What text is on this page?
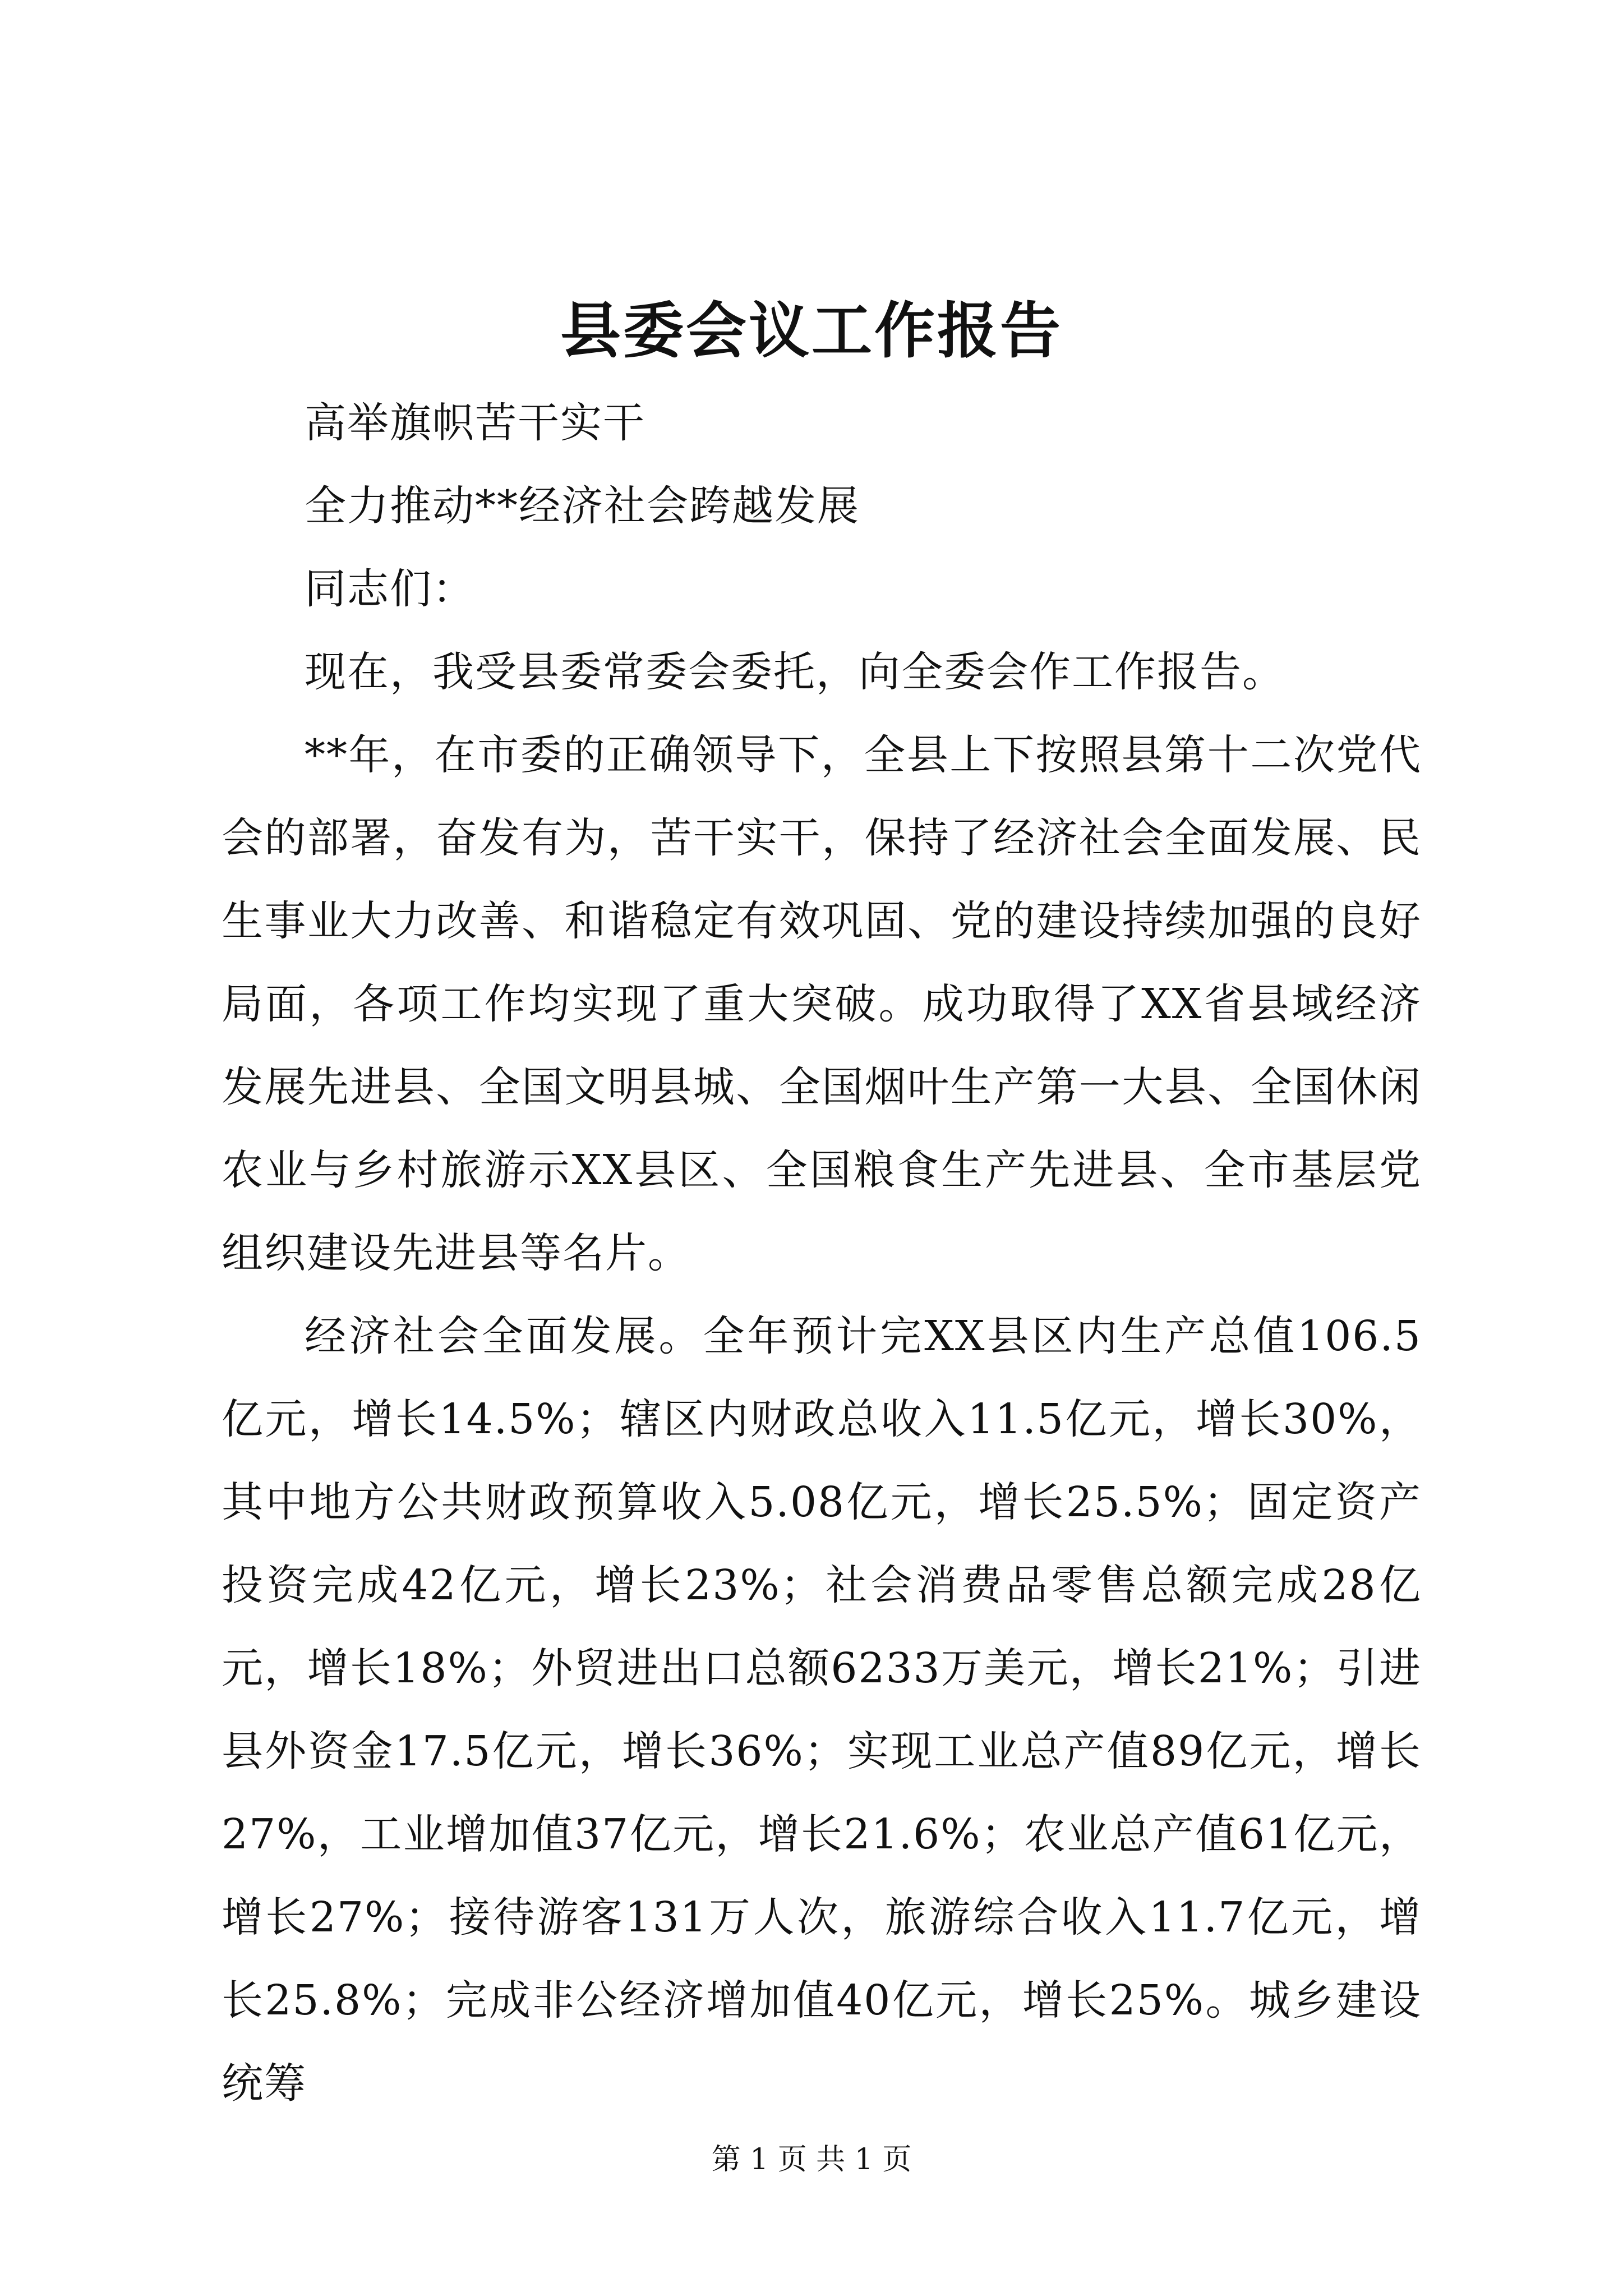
县委会议工作报告

高举旗帜苦干实干

全力推动**经济社会跨越发展

同志们：

现在，我受县委常委会委托，向全委会作工作报告。

**年，在市委的正确领导下，全县上下按照县第十二次党代会的部署，奋发有为，苦干实干，保持了经济社会全面发展、民生事业大力改善、和谐稳定有效巩固、党的建设持续加强的良好局面，各项工作均实现了重大突破。成功取得了XX省县域经济发展先进县、全国文明县城、全国烟叶生产第一大县、全国休闲农业与乡村旅游示XX县区、全国粮食生产先进县、全市基层党组织建设先进县等名片。

经济社会全面发展。全年预计完XX县区内生产总值106.5亿元，增长14.5%；辖区内财政总收入11.5亿元，增长30%，其中地方公共财政预算收入5.08亿元，增长25.5%；固定资产投资完成42亿元，增长23%；社会消费品零售总额完成28亿元，增长18%；外贸进出口总额6233万美元，增长21%；引进县外资金17.5亿元，增长36%；实现工业总产值89亿元，增长27%，工业增加值37亿元，增长21.6%；农业总产值61亿元，增长27%；接待游客131万人次，旅游综合收入11.7亿元，增长25.8%；完成非公经济增加值40亿元，增长25%。城乡建设统筹

第 1 页 共 1 页
